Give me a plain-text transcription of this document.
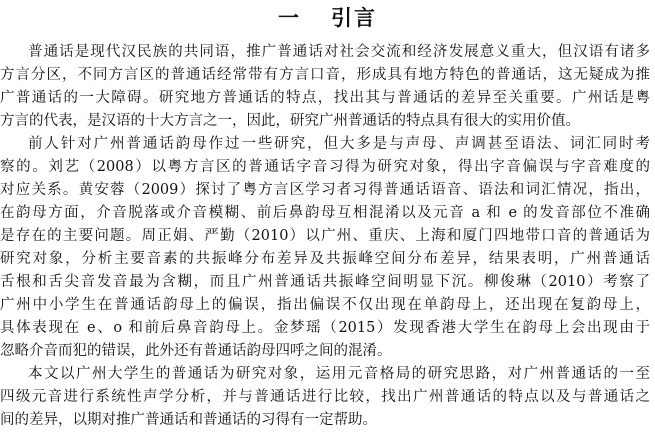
一 引言
普通话是现代汉民族的共同语，推广普通话对社会交流和经济发展意义重大，但汉语有诸多
方言分区，不同方言区的普通话经常带有方言口音，形成具有地方特色的普通话，这无疑成为推
广普通话的一大障碍。研究地方普通话的特点，找出其与普通话的差异至关重要。广州话是粤
方言的代表，是汉语的十大方言之一，因此，研究广州普通话的特点具有很大的实用价值。
前人针对广州普通话韵母作过一些研究，但大多是与声母、声调甚至语法、词汇同时考
察的。刘艺（2008）以粤方言区的普通话字音习得为研究对象，得出字音偏误与字音难度的
对应关系。黄安蓉（2009）探讨了粤方言区学习者习得普通话语音、语法和词汇情况，指出，
在韵母方面，介音脱落或介音模糊、前后鼻韵母互相混淆以及元音 a 和 e 的发音部位不准确
是存在的主要问题。周正娟、严勤（2010）以广州、重庆、上海和厦门四地带口音的普通话为
研究对象，分析主要音素的共振峰分布差异及共振峰空间分布差异，结果表明，广州普通话
舌根和舌尖音发音最为含糊，而且广州普通话共振峰空间明显下沉。柳俊琳（2010）考察了
广州中小学生在普通话韵母上的偏误，指出偏误不仅出现在单韵母上，还出现在复韵母上，
具体表现在 e、o 和前后鼻音韵母上。金梦瑶（2015）发现香港大学生在韵母上会出现由于
忽略介音而犯的错误，此外还有普通话韵母四呼之间的混淆。
本文以广州大学生的普通话为研究对象，运用元音格局的研究思路，对广州普通话的一至
四级元音进行系统性声学分析，并与普通话进行比较，找出广州普通话的特点以及与普通话之
间的差异，以期对推广普通话和普通话的习得有一定帮助。
